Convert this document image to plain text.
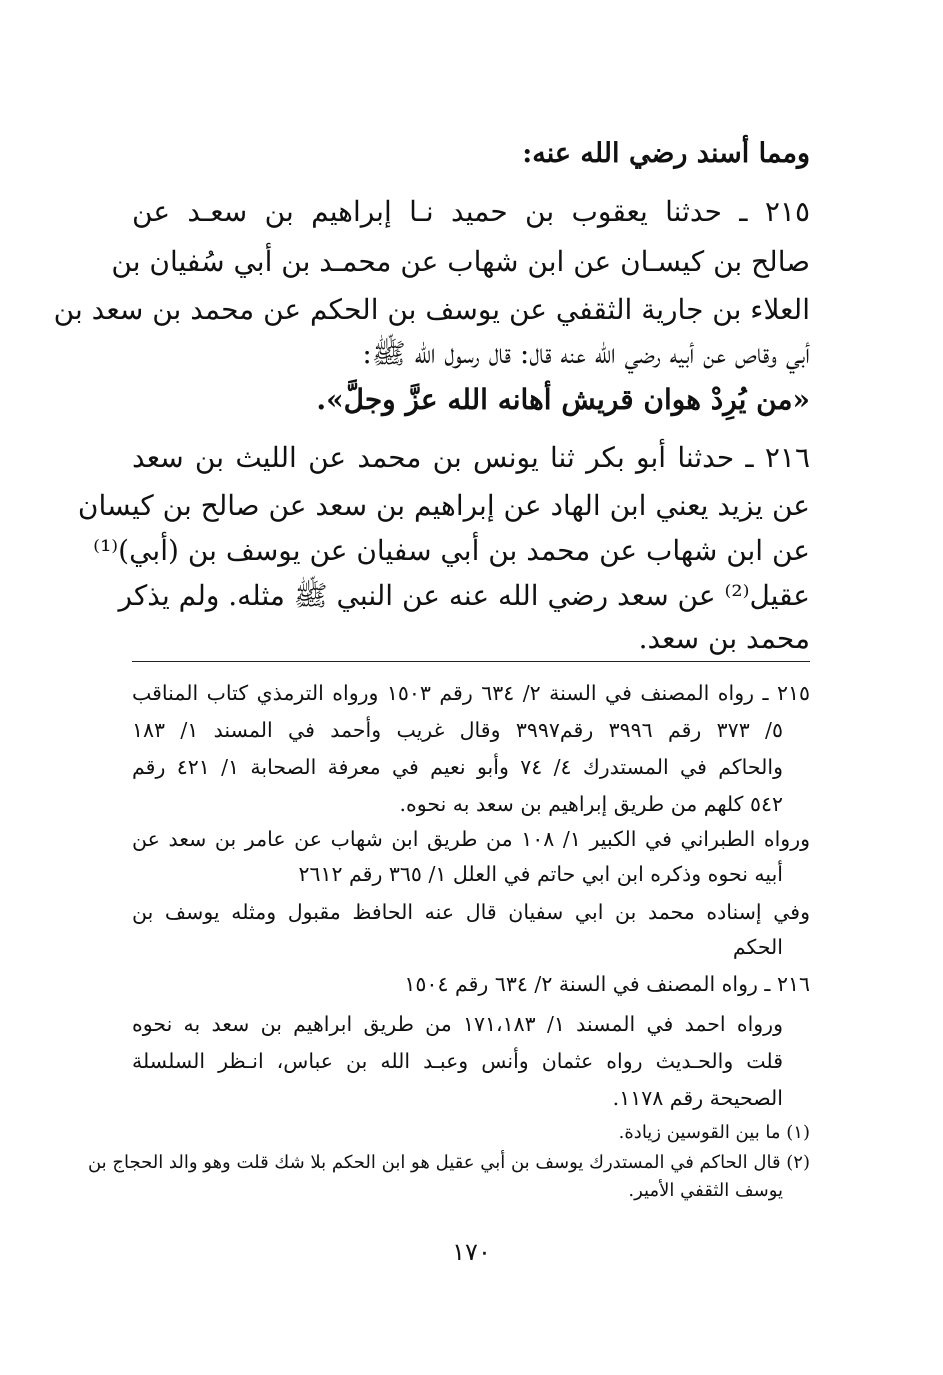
ومما أسند رضي الله عنه:
٢١٥ ـ حدثنا يعقوب بن حميد نـا إبراهيم بن سعـد عن
صالح بن كيسـان عن ابن شهاب عن محمـد بن أبي سُفيان بن
العلاء بن جارية الثقفي عن يوسف بن الحكم عن محمد بن سعد بن
أبي وقاص عن أبيه رضي الله عنه قال: قال رسول الله ﷺ:
«من يُرِدْ هوان قريش أهانه الله عزَّ وجلَّ».
٢١٦ ـ حدثنا أبو بكر ثنا يونس بن محمد عن الليث بن سعد
عن يزيد يعني ابن الهاد عن إبراهيم بن سعد عن صالح بن كيسان
عن ابن شهاب عن محمد بن أبي سفيان عن يوسف بن (أبي)⁽¹⁾
عقيل⁽²⁾ عن سعد رضي الله عنه عن النبي ﷺ مثله. ولم يذكر
محمد بن سعد.
٢١٥ ـ رواه المصنف في السنة ٢/ ٦٣٤ رقم ١٥٠٣ ورواه الترمذي كتاب المناقب
٥/ ٣٧٣ رقم ٣٩٩٦ رقم٣٩٩٧ وقال غريب وأحمد في المسند ١/ ١٨٣
والحاكم في المستدرك ٤/ ٧٤ وأبو نعيم في معرفة الصحابة ١/ ٤٢١ رقم
٥٤٢ كلهم من طريق إبراهيم بن سعد به نحوه.
ورواه الطبراني في الكبير ١/ ١٠٨ من طريق ابن شهاب عن عامر بن سعد عن
أبيه نحوه وذكره ابن ابي حاتم في العلل ١/ ٣٦٥ رقم ٢٦١٢
وفي إسناده محمد بن ابي سفيان قال عنه الحافظ مقبول ومثله يوسف بن
الحكم
٢١٦ ـ رواه المصنف في السنة ٢/ ٦٣٤ رقم ١٥٠٤
ورواه احمد في المسند ١/ ١٧١،١٨٣ من طريق ابراهيم بن سعد به نحوه
قلت والحـديث رواه عثمان وأنس وعبـد الله بن عباس، انـظر السلسلة
الصحيحة رقم ١١٧٨.
(١) ما بين القوسين زيادة.
(٢) قال الحاكم في المستدرك يوسف بن أبي عقيل هو ابن الحكم بلا شك قلت وهو والد الحجاج بن
يوسف الثقفي الأمير.
١٧٠
